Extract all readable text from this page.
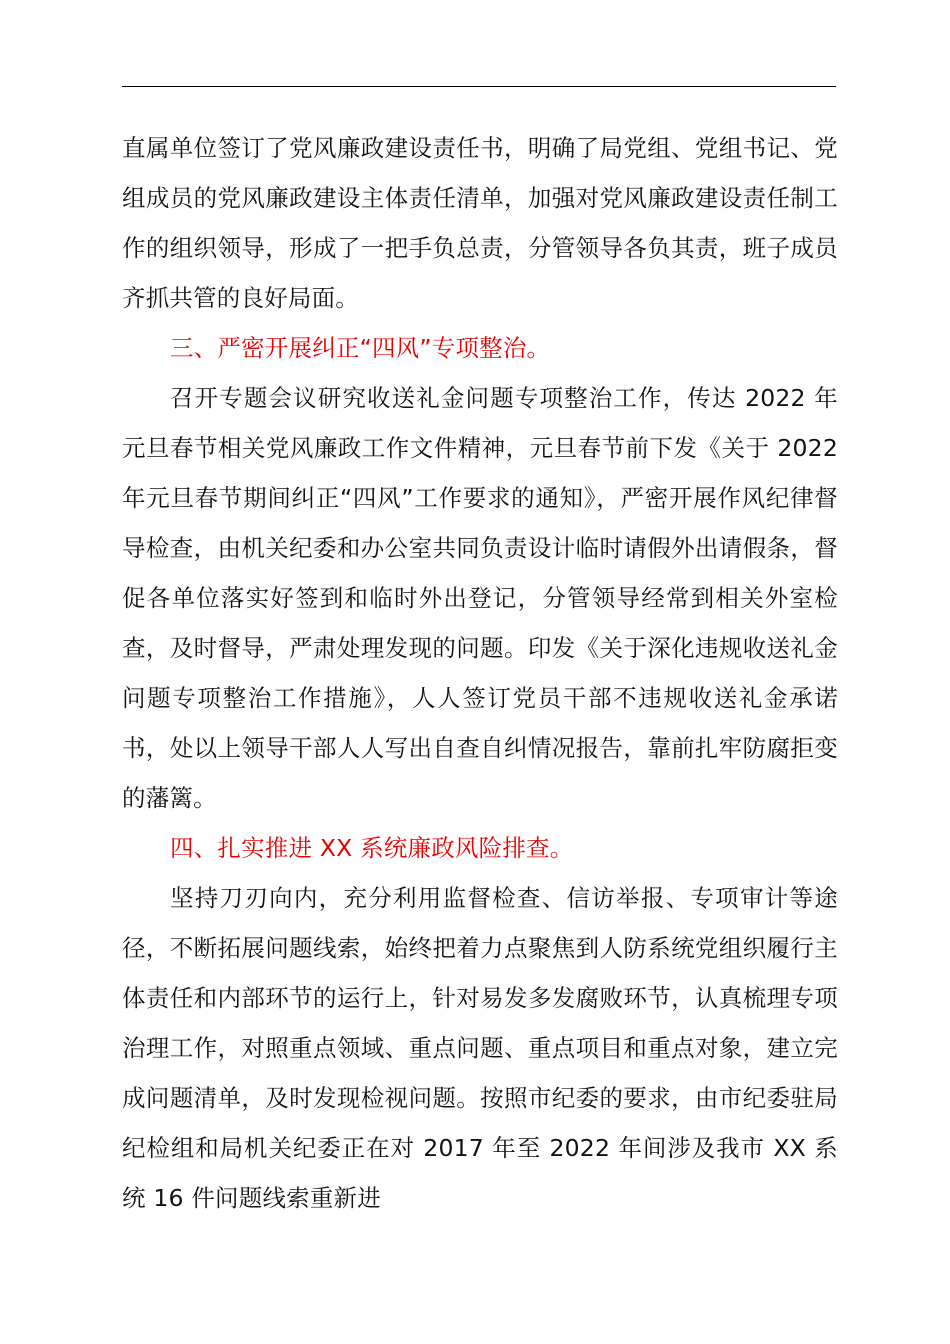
直属单位签订了党风廉政建设责任书，明确了局党组、党组书记、党组成员的党风廉政建设主体责任清单，加强对党风廉政建设责任制工作的组织领导，形成了一把手负总责，分管领导各负其责，班子成员齐抓共管的良好局面。

三、严密开展纠正“四风”专项整治。

召开专题会议研究收送礼金问题专项整治工作，传达 2022 年元旦春节相关党风廉政工作文件精神，元旦春节前下发《关于 2022 年元旦春节期间纠正“四风”工作要求的通知》，严密开展作风纪律督导检查，由机关纪委和办公室共同负责设计临时请假外出请假条，督促各单位落实好签到和临时外出登记，分管领导经常到相关外室检查，及时督导，严肃处理发现的问题。印发《关于深化违规收送礼金问题专项整治工作措施》，人人签订党员干部不违规收送礼金承诺书，处以上领导干部人人写出自查自纠情况报告，靠前扎牢防腐拒变的藩篱。

四、扎实推进 XX 系统廉政风险排查。

坚持刀刃向内，充分利用监督检查、信访举报、专项审计等途径，不断拓展问题线索，始终把着力点聚焦到人防系统党组织履行主体责任和内部环节的运行上，针对易发多发腐败环节，认真梳理专项治理工作，对照重点领域、重点问题、重点项目和重点对象，建立完成问题清单，及时发现检视问题。按照市纪委的要求，由市纪委驻局纪检组和局机关纪委正在对 2017 年至 2022 年间涉及我市 XX 系统 16 件问题线索重新进
